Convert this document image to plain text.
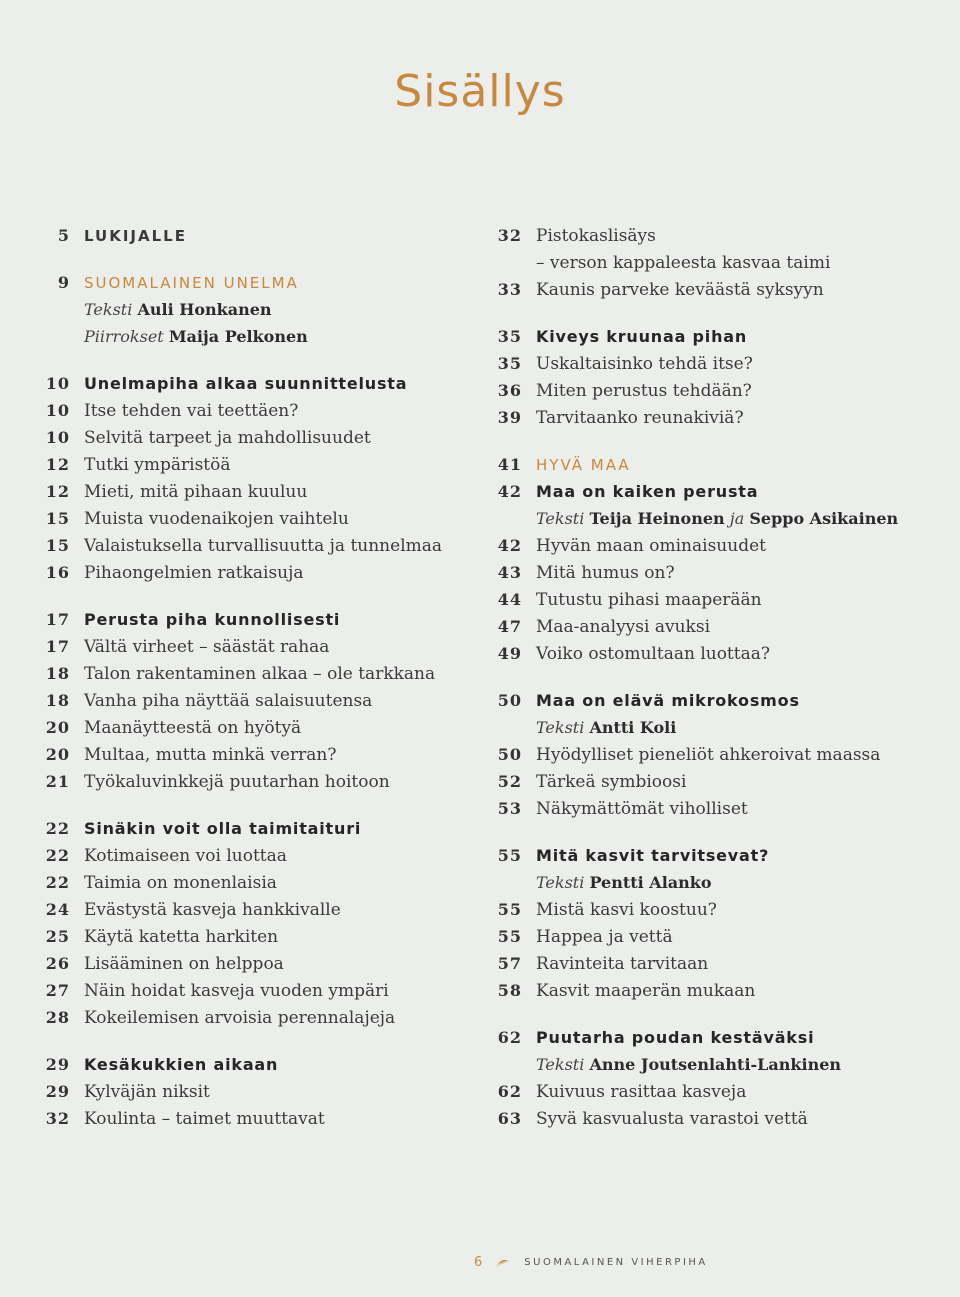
Sisällys
5 LUKIJALLE
9 SUOMALAINEN UNELMA
Teksti Auli Honkanen
Piirrokset Maija Pelkonen
10 Unelmapiha alkaa suunnittelusta
10 Itse tehden vai teettäen?
10 Selvitä tarpeet ja mahdollisuudet
12 Tutki ympäristöä
12 Mieti, mitä pihaan kuuluu
15 Muista vuodenaikojen vaihtelu
15 Valaistuksella turvallisuutta ja tunnelmaa
16 Pihaongelmien ratkaisuja
17 Perusta piha kunnollisesti
17 Vältä virheet – säästät rahaa
18 Talon rakentaminen alkaa – ole tarkkana
18 Vanha piha näyttää salaisuutensa
20 Maanäytteestä on hyötyä
20 Multaa, mutta minkä verran?
21 Työkaluvinkkejä puutarhan hoitoon
22 Sinäkin voit olla taimitaituri
22 Kotimaiseen voi luottaa
22 Taimia on monenlaisia
24 Evästystä kasveja hankkivalle
25 Käytä katetta harkiten
26 Lisääminen on helppoa
27 Näin hoidat kasveja vuoden ympäri
28 Kokeilemisen arvoisia perennalajeja
29 Kesäkukkien aikaan
29 Kylväjän niksit
32 Koulinta – taimet muuttavat
32 Pistokaslisäys
– verson kappaleesta kasvaa taimi
33 Kaunis parveke keväästä syksyyn
35 Kiveys kruunaa pihan
35 Uskaltaisinko tehdä itse?
36 Miten perustus tehdään?
39 Tarvitaanko reunakiviä?
41 HYVÄ MAA
42 Maa on kaiken perusta
Teksti Teija Heinonen ja Seppo Asikainen
42 Hyvän maan ominaisuudet
43 Mitä humus on?
44 Tutustu pihasi maaperään
47 Maa-analyysi avuksi
49 Voiko ostomultaan luottaa?
50 Maa on elävä mikrokosmos
Teksti Antti Koli
50 Hyödylliset pieneliöt ahkeroivat maassa
52 Tärkeä symbioosi
53 Näkymättömät viholliset
55 Mitä kasvit tarvitsevat?
Teksti Pentti Alanko
55 Mistä kasvi koostuu?
55 Happea ja vettä
57 Ravinteita tarvitaan
58 Kasvit maaperän mukaan
62 Puutarha poudan kestäväksi
Teksti Anne Joutsenlahti-Lankinen
62 Kuivuus rasittaa kasveja
63 Syvä kasvualusta varastoi vettä
6	SUOMALAINEN VIHERPIHA
